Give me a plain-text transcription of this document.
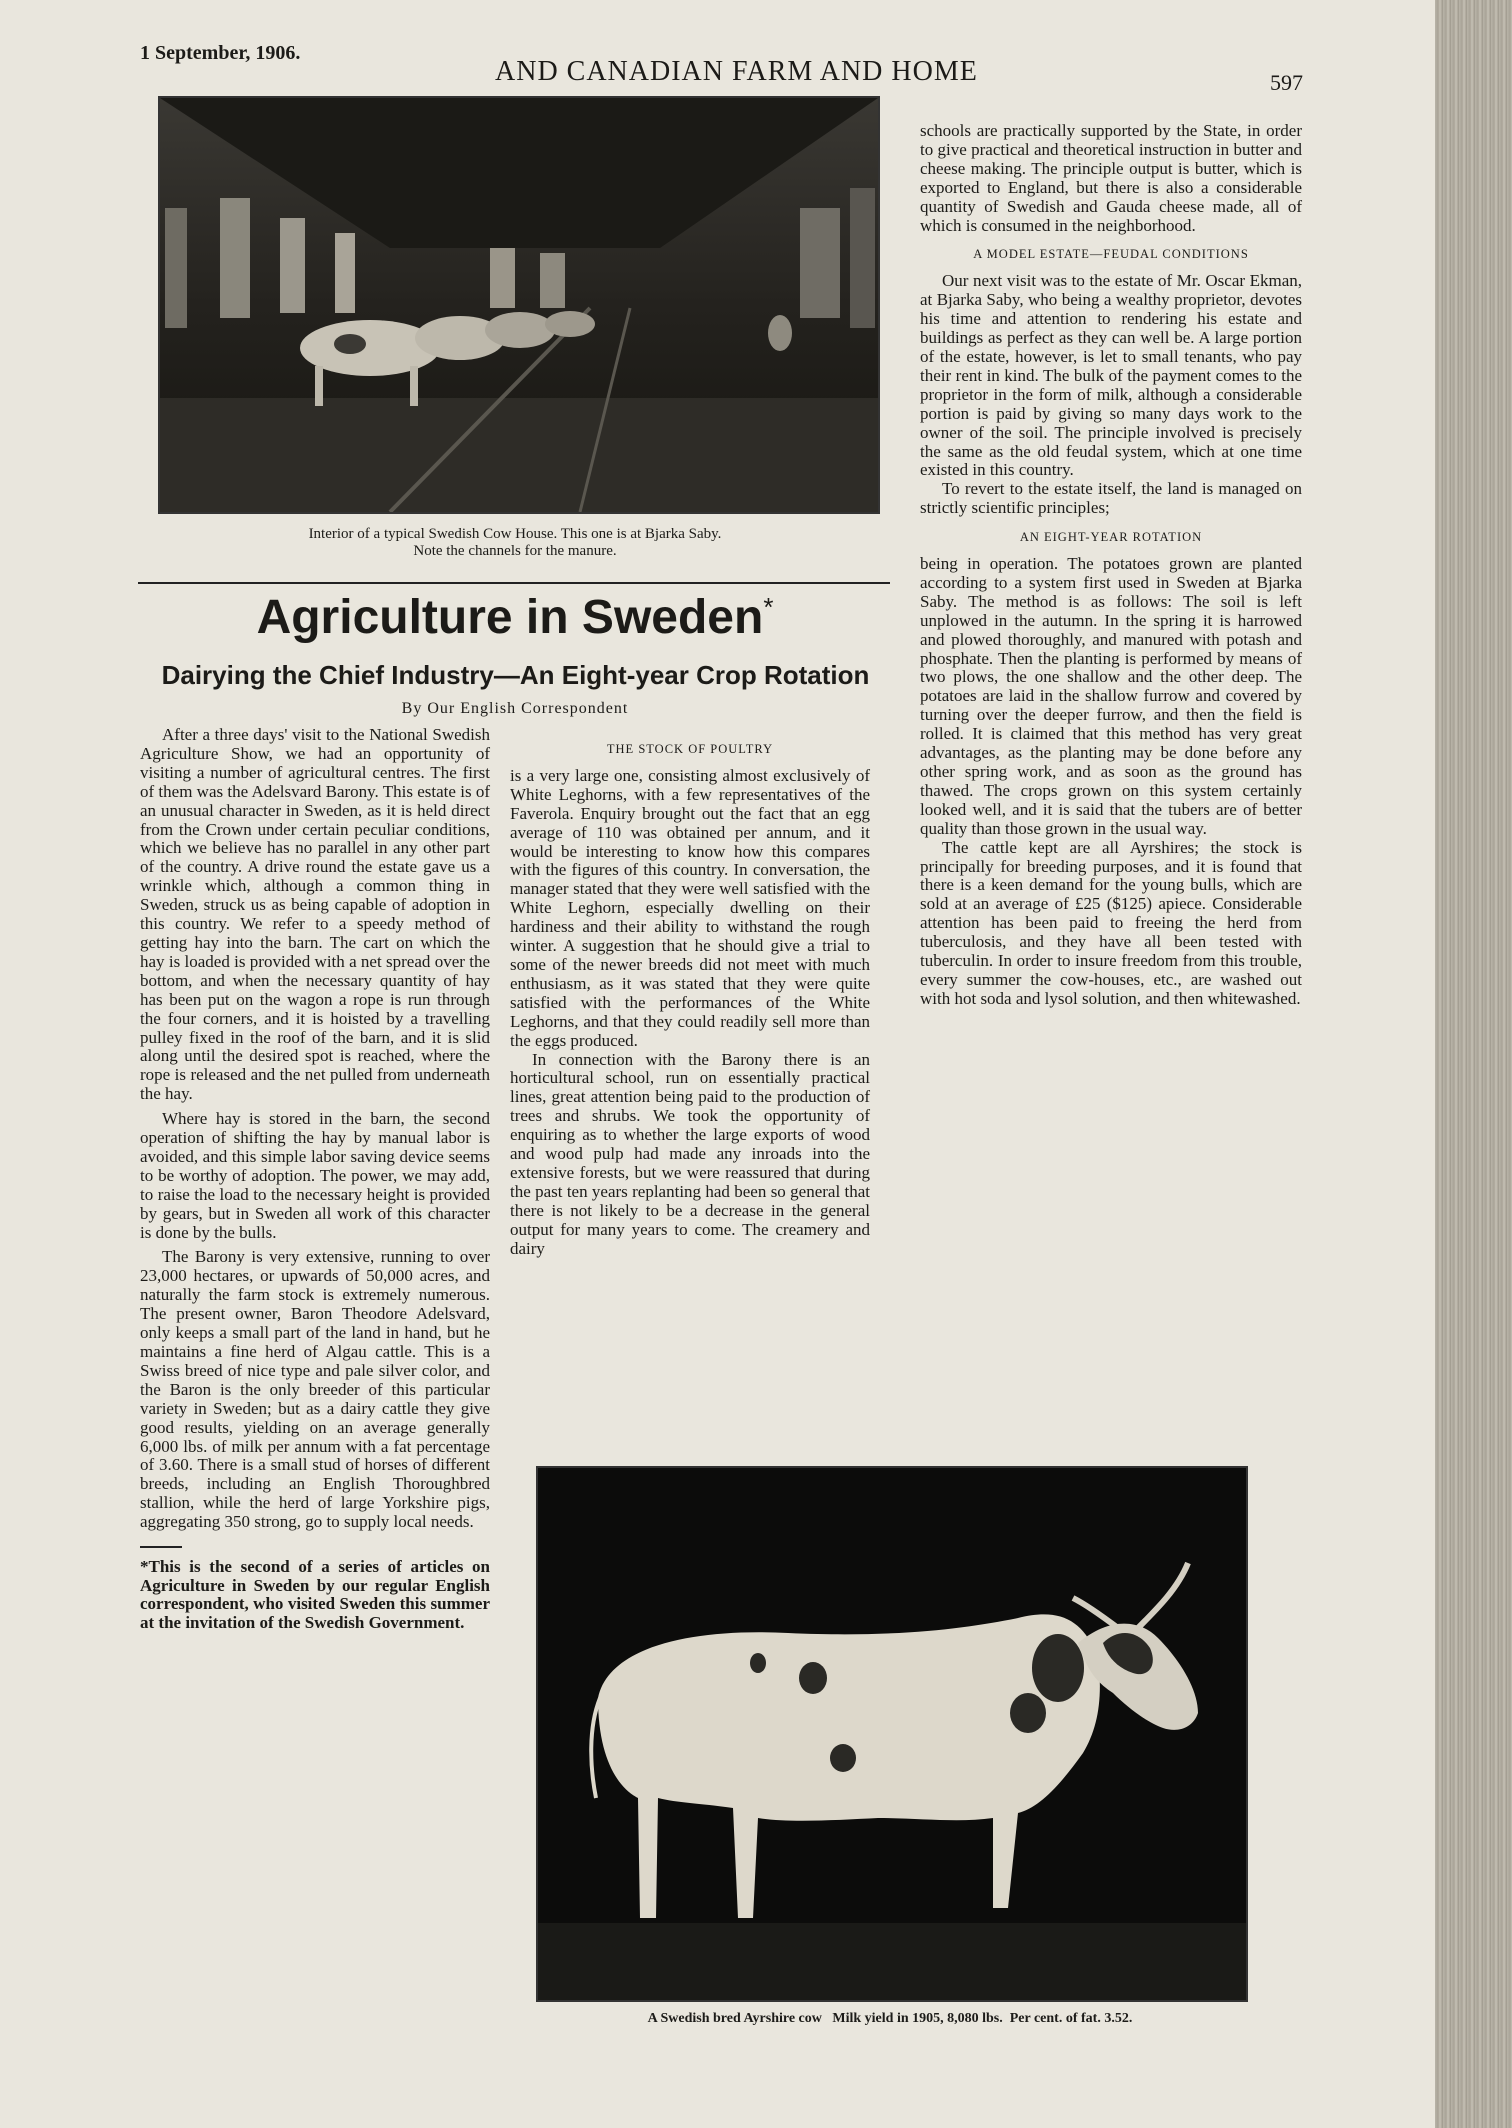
1 September, 1906.
AND CANADIAN FARM AND HOME	597
Interior of a typical Swedish Cow House. This one is at Bjarka Saby.
Note the channels for the manure.
Agriculture in Sweden*
Dairying the Chief Industry—An Eight-year Crop Rotation
By Our English Correspondent

After a three days' visit to the National Swedish Agriculture Show, we had an opportunity of visiting a number of agricultural centres. The first of them was the Adelsvard Barony. This estate is of an unusual character in Sweden, as it is held direct from the Crown under certain peculiar conditions, which we believe has no parallel in any other part of the country. A drive round the estate gave us a wrinkle which, although a common thing in Sweden, struck us as being capable of adoption in this country. We refer to a speedy method of getting hay into the barn. The cart on which the hay is loaded is provided with a net spread over the bottom, and when the necessary quantity of hay has been put on the wagon a rope is run through the four corners, and it is hoisted by a travelling pulley fixed in the roof of the barn, and it is slid along until the desired spot is reached, where the rope is released and the net pulled from underneath the hay.

Where hay is stored in the barn, the second operation of shifting the hay by manual labor is avoided, and this simple labor saving device seems to be worthy of adoption. The power, we may add, to raise the load to the necessary height is provided by gears, but in Sweden all work of this character is done by the bulls.

The Barony is very extensive, running to over 23,000 hectares, or upwards of 50,000 acres, and naturally the farm stock is extremely numerous. The present owner, Baron Theodore Adelsvard, only keeps a small part of the land in hand, but he maintains a fine herd of Algau cattle. This is a Swiss breed of nice type and pale silver color, and the Baron is the only breeder of this particular variety in Sweden; but as a dairy cattle they give good results, yielding on an average generally 6,000 lbs. of milk per annum with a fat percentage of 3.60. There is a small stud of horses of different breeds, including an English Thoroughbred stallion, while the herd of large Yorkshire pigs, aggregating 350 strong, go to supply local needs.

*This is the second of a series of articles on Agriculture in Sweden by our regular English correspondent, who visited Sweden this summer at the invitation of the Swedish Government.
THE STOCK OF POULTRY

is a very large one, consisting almost exclusively of White Leghorns, with a few representatives of the Faverola. Enquiry brought out the fact that an egg average of 110 was obtained per annum, and it would be interesting to know how this compares with the figures of this country. In conversation, the manager stated that they were well satisfied with the White Leghorn, especially dwelling on their hardiness and their ability to withstand the rough winter. A suggestion that he should give a trial to some of the newer breeds did not meet with much enthusiasm, as it was stated that they were quite satisfied with the performances of the White Leghorns, and that they could readily sell more than the eggs produced.

In connection with the Barony there is an horticultural school, run on essentially practical lines, great attention being paid to the production of trees and shrubs. We took the opportunity of enquiring as to whether the large exports of wood and wood pulp had made any inroads into the extensive forests, but we were reassured that during the past ten years replanting had been so general that there is not likely to be a decrease in the general output for many years to come. The creamery and dairy

schools are practically supported by the State, in order to give practical and theoretical instruction in butter and cheese making. The principle output is butter, which is exported to England, but there is also a considerable quantity of Swedish and Gauda cheese made, all of which is consumed in the neighborhood.

A MODEL ESTATE—FEUDAL CONDITIONS

Our next visit was to the estate of Mr. Oscar Ekman, at Bjarka Saby, who being a wealthy proprietor, devotes his time and attention to rendering his estate and buildings as perfect as they can well be. A large portion of the estate, however, is let to small tenants, who pay their rent in kind. The bulk of the payment comes to the proprietor in the form of milk, although a considerable portion is paid by giving so many days work to the owner of the soil. The principle involved is precisely the same as the old feudal system, which at one time existed in this country.

To revert to the estate itself, the land is managed on strictly scientific principles;

AN EIGHT-YEAR ROTATION

being in operation. The potatoes grown are planted according to a system first used in Sweden at Bjarka Saby. The method is as follows: The soil is left unplowed in the autumn. In the spring it is harrowed and plowed thoroughly, and manured with potash and phosphate. Then the planting is performed by means of two plows, the one shallow and the other deep. The potatoes are laid in the shallow furrow and covered by turning over the deeper furrow, and then the field is rolled. It is claimed that this method has very great advantages, as the planting may be done before any other spring work, and as soon as the ground has thawed. The crops grown on this system certainly looked well, and it is said that the tubers are of better quality than those grown in the usual way.

The cattle kept are all Ayrshires; the stock is principally for breeding purposes, and it is found that there is a keen demand for the young bulls, which are sold at an average of £25 ($125) apiece. Considerable attention has been paid to freeing the herd from tuberculosis, and they have all been tested with tuberculin. In order to insure freedom from this trouble, every summer the cow-houses, etc., are washed out with hot soda and lysol solution, and then whitewashed.

A Swedish bred Ayrshire cow   Milk yield in 1905, 8,080 lbs.  Per cent. of fat. 3.52.
